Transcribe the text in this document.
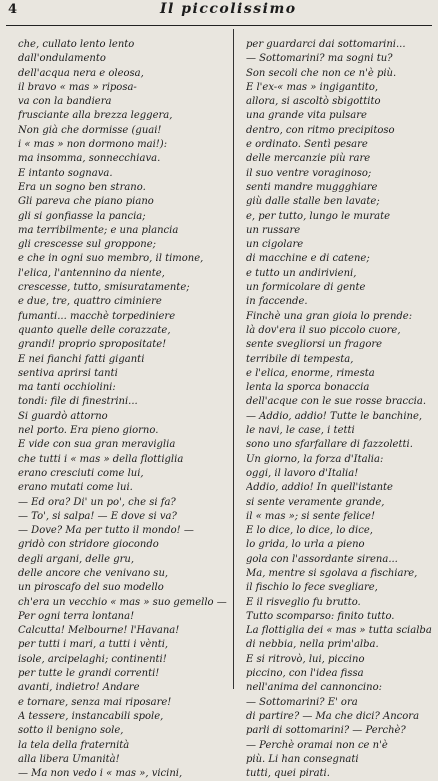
4	Il piccolissimo
che, cullato lento lento
dall'ondulamento
dell'acqua nera e oleosa,
il bravo « mas » riposa-
va con la bandiera
frusciante alla brezza leggera,
Non già che dormisse (guai!
i « mas » non dormono mai!):
ma insomma, sonnecchiava.
E intanto sognava.
Era un sogno ben strano.
Gli pareva che piano piano
gli si gonfiasse la pancia;
ma terribilmente; e una plancia
gli crescesse sul groppone;
e che in ogni suo membro, il timone,
l'elica, l'antennino da niente,
crescesse, tutto, smisuratamente;
e due, tre, quattro ciminiere
fumanti... macchè torpediniere
quanto quelle delle corazzate,
grandi! proprio spropositate!
E nei fianchi fatti giganti
sentiva aprirsi tanti
ma tanti occhiolini:
tondi: file di finestrini...
Si guardò attorno
nel porto. Era pieno giorno.
E vide con sua gran meraviglia
che tutti i « mas » della flottiglia
erano cresciuti come lui,
erano mutati come lui.
— Ed ora? Di' un po', che si fa?
— To', si salpa! — E dove si va?
— Dove? Ma per tutto il mondo! —
gridò con stridore giocondo
degli argani, delle gru,
delle ancore che venivano su,
un piroscafo del suo modello
ch'era un vecchio « mas » suo gemello —
Per ogni terra lontana!
Calcutta! Melbourne! l'Havana!
per tutti i mari, a tutti i vènti,
isole, arcipelaghi; continenti!
per tutte le grandi correnti!
avanti, indietro! Andare
e tornare, senza mai riposare!
A tessere, instancabili spole,
sotto il benigno sole,
la tela della fraternità
alla libera Umanità!
— Ma non vedo i « mas », vicini,
per guardarci dai sottomarini...
— Sottomarini? ma sogni tu?
Son secoli che non ce n'è più.
E l'ex-« mas » ingigantito,
allora, si ascoltò sbigottito
una grande vita pulsare
dentro, con ritmo precipitoso
e ordinato. Sentì pesare
delle mercanzie più rare
il suo ventre voraginoso;
senti mandre muggghiare
giù dalle stalle ben lavate;
e, per tutto, lungo le murate
un russare
un cigolare
di macchine e di catene;
e tutto un andirivieni,
un formicolare di gente
in faccende.
Finchè una gran gioia lo prende:
là dov'era il suo piccolo cuore,
sente svegliorsi un fragore
terribile di tempesta,
e l'elica, enorme, rimesta
lenta la sporca bonaccia
dell'acque con le sue rosse braccia.
— Addio, addio! Tutte le banchine,
le navi, le case, i tetti
sono uno sfarfallare di fazzoletti.
Un giorno, la forza d'Italia:
oggi, il lavoro d'Italia!
Addio, addio! In quell'istante
si sente veramente grande,
il « mas »; si sente felice!
E lo dice, lo dice, lo dice,
lo grida, lo urla a pieno
gola con l'assordante sirena...
Ma, mentre si sgolava a fischiare,
il fischio lo fece svegliare,
E il risveglio fu brutto.
Tutto scomparso: finito tutto.
La flottiglia dei « mas » tutta scialba
di nebbia, nella prim'alba.
E si ritrovò, lui, piccino
piccino, con l'idea fissa
nell'anima del cannoncino:
— Sottomarini? E' ora
di partire? — Ma che dici? Ancora
parli di sottomarini? — Perchè?
— Perchè oramai non ce n'è
più. Li han consegnati
tutti, quei pirati.
